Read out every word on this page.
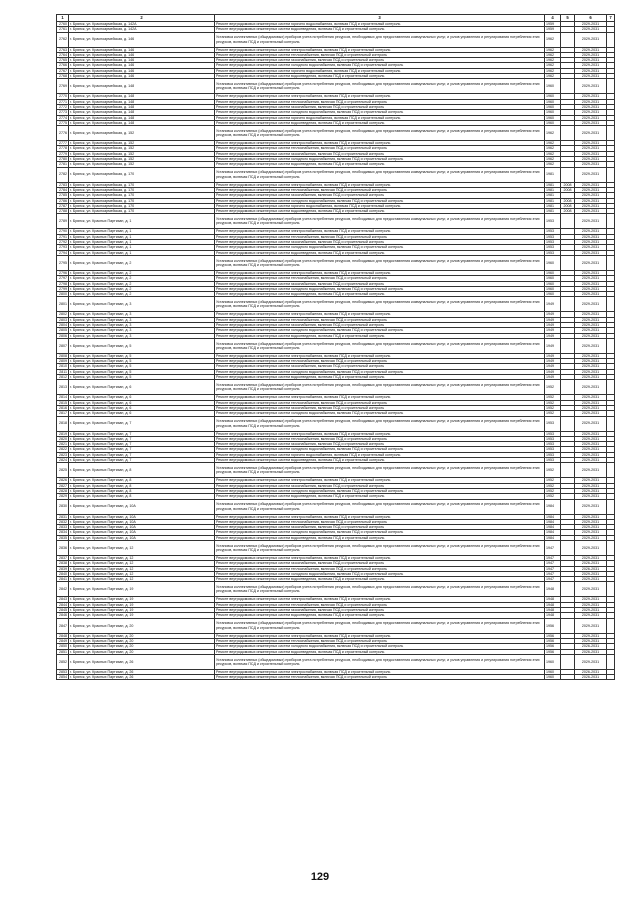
1	2	3	4	5	6	7
2760	г. Брянск, ул. Красноармейская, д. 142А	Ремонт внутридомовых инженерных систем горячего водоснабжения, включая ПСД и строительный контроль	1959		2029-2031	
2761	г. Брянск, ул. Красноармейская, д. 142А	Ремонт внутридомовых инженерных систем водоотведения, включая ПСД и строительный контроль	1959		2029-2031	
2762	г. Брянск, ул. Красноармейская, д. 146	Установка коллективных (общедомовых) приборов учета потребления ресурсов, необходимых для предоставления коммунальных услуг, и узлов управления и регулирования потребления этих ресурсов, включая ПСД и строительный контроль	1962		2029-2031	
2763	г. Брянск, ул. Красноармейская, д. 146	Ремонт внутридомовых инженерных систем электроснабжения, включая ПСД и строительный контроль	1962		2029-2031	
2764	г. Брянск, ул. Красноармейская, д. 146	Ремонт внутридомовых инженерных систем теплоснабжения, включая ПСД и строительный контроль	1962		2029-2031	
2765	г. Брянск, ул. Красноармейская, д. 146	Ремонт внутридомовых инженерных систем газоснабжения, включая ПСД и строительный контроль	1962		2029-2031	
2766	г. Брянск, ул. Красноармейская, д. 146	Ремонт внутридомовых инженерных систем холодного водоснабжения, включая ПСД и строительный контроль	1962		2029-2031	
2767	г. Брянск, ул. Красноармейская, д. 146	Ремонт внутридомовых инженерных систем горячего водоснабжения, включая ПСД и строительный контроль	1962		2029-2031	
2768	г. Брянск, ул. Красноармейская, д. 146	Ремонт внутридомовых инженерных систем водоотведения, включая ПСД и строительный контроль	1962		2029-2031	
2769	г. Брянск, ул. Красноармейская, д. 148	Установка коллективных (общедомовых) приборов учета потребления ресурсов, необходимых для предоставления коммунальных услуг, и узлов управления и регулирования потребления этих ресурсов, включая ПСД и строительный контроль	1960		2029-2031	
2770	г. Брянск, ул. Красноармейская, д. 148	Ремонт внутридомовых инженерных систем электроснабжения, включая ПСД и строительный контроль	1960		2029-2031	
2771	г. Брянск, ул. Красноармейская, д. 148	Ремонт внутридомовых инженерных систем теплоснабжения, включая ПСД и строительный контроль	1960		2029-2031	
2772	г. Брянск, ул. Красноармейская, д. 148	Ремонт внутридомовых инженерных систем газоснабжения, включая ПСД и строительный контроль	1960		2029-2031	
2773	г. Брянск, ул. Красноармейская, д. 148	Ремонт внутридомовых инженерных систем холодного водоснабжения, включая ПСД и строительный контроль	1960		2029-2031	
2774	г. Брянск, ул. Красноармейская, д. 148	Ремонт внутридомовых инженерных систем горячего водоснабжения, включая ПСД и строительный контроль	1960		2029-2031	
2775	г. Брянск, ул. Красноармейская, д. 148	Ремонт внутридомовых инженерных систем водоотведения, включая ПСД и строительный контроль	1960		2029-2031	
2776	г. Брянск, ул. Красноармейская, д. 152	Установка коллективных (общедомовых) приборов учета потребления ресурсов, необходимых для предоставления коммунальных услуг, и узлов управления и регулирования потребления этих ресурсов, включая ПСД и строительный контроль	1962		2029-2031	
2777	г. Брянск, ул. Красноармейская, д. 152	Ремонт внутридомовых инженерных систем электроснабжения, включая ПСД и строительный контроль	1962		2029-2031	
2778	г. Брянск, ул. Красноармейская, д. 152	Ремонт внутридомовых инженерных систем теплоснабжения, включая ПСД и строительный контроль	1962		2029-2031	
2779	г. Брянск, ул. Красноармейская, д. 152	Ремонт внутридомовых инженерных систем газоснабжения, включая ПСД и строительный контроль	1962		2029-2031	
2780	г. Брянск, ул. Красноармейская, д. 152	Ремонт внутридомовых инженерных систем холодного водоснабжения, включая ПСД и строительный контроль	1962		2029-2031	
2781	г. Брянск, ул. Красноармейская, д. 152	Ремонт внутридомовых инженерных систем водоотведения, включая ПСД и строительный контроль	1962		2029-2031	
2782	г. Брянск, ул. Красноармейская, д. 170	Установка коллективных (общедомовых) приборов учета потребления ресурсов, необходимых для предоставления коммунальных услуг, и узлов управления и регулирования потребления этих ресурсов, включая ПСД и строительный контроль	1981		2029-2031	
2783	г. Брянск, ул. Красноармейская, д. 170	Ремонт внутридомовых инженерных систем электроснабжения, включая ПСД и строительный контроль	1981	2008	2029-2031	
2784	г. Брянск, ул. Красноармейская, д. 170	Ремонт внутридомовых инженерных систем теплоснабжения, включая ПСД и строительный контроль	1981	2008	2029-2031	
2785	г. Брянск, ул. Красноармейская, д. 170	Ремонт внутридомовых инженерных систем газоснабжения, включая ПСД и строительный контроль	1981		2029-2031	
2786	г. Брянск, ул. Красноармейская, д. 170	Ремонт внутридомовых инженерных систем холодного водоснабжения, включая ПСД и строительный контроль	1981	2008	2029-2031	
2787	г. Брянск, ул. Красноармейская, д. 170	Ремонт внутридомовых инженерных систем горячего водоснабжения, включая ПСД и строительный контроль	1981	2008	2029-2031	
2788	г. Брянск, ул. Красноармейская, д. 170	Ремонт внутридомовых инженерных систем водоотведения, включая ПСД и строительный контроль	1981	2008	2029-2031	
2789	г. Брянск, ул. Красных Партизан, д. 1	Установка коллективных (общедомовых) приборов учета потребления ресурсов, необходимых для предоставления коммунальных услуг, и узлов управления и регулирования потребления этих ресурсов, включая ПСД и строительный контроль	1953		2029-2031	
2790	г. Брянск, ул. Красных Партизан, д. 1	Ремонт внутридомовых инженерных систем электроснабжения, включая ПСД и строительный контроль	1953		2029-2031	
2791	г. Брянск, ул. Красных Партизан, д. 1	Ремонт внутридомовых инженерных систем теплоснабжения, включая ПСД и строительный контроль	1953		2029-2031	
2792	г. Брянск, ул. Красных Партизан, д. 1	Ремонт внутридомовых инженерных систем газоснабжения, включая ПСД и строительный контроль	1953		2029-2031	
2793	г. Брянск, ул. Красных Партизан, д. 1	Ремонт внутридомовых инженерных систем холодного водоснабжения, включая ПСД и строительный контроль	1953		2029-2031	
2794	г. Брянск, ул. Красных Партизан, д. 1	Ремонт внутридомовых инженерных систем водоотведения, включая ПСД и строительный контроль	1953		2029-2031	
2795	г. Брянск, ул. Красных Партизан, д. 2	Установка коллективных (общедомовых) приборов учета потребления ресурсов, необходимых для предоставления коммунальных услуг, и узлов управления и регулирования потребления этих ресурсов, включая ПСД и строительный контроль	1960		2029-2031	
2796	г. Брянск, ул. Красных Партизан, д. 2	Ремонт внутридомовых инженерных систем электроснабжения, включая ПСД и строительный контроль	1960		2029-2031	
2797	г. Брянск, ул. Красных Партизан, д. 2	Ремонт внутридомовых инженерных систем теплоснабжения, включая ПСД и строительный контроль	1960		2029-2031	
2798	г. Брянск, ул. Красных Партизан, д. 2	Ремонт внутридомовых инженерных систем газоснабжения, включая ПСД и строительный контроль	1960		2029-2031	
2799	г. Брянск, ул. Красных Партизан, д. 2	Ремонт внутридомовых инженерных систем холодного водоснабжения, включая ПСД и строительный контроль	1960		2029-2031	
2800	г. Брянск, ул. Красных Партизан, д. 2	Ремонт внутридомовых инженерных систем водоотведения, включая ПСД и строительный контроль	1960		2029-2031	
2801	г. Брянск, ул. Красных Партизан, д. 3	Установка коллективных (общедомовых) приборов учета потребления ресурсов, необходимых для предоставления коммунальных услуг, и узлов управления и регулирования потребления этих ресурсов, включая ПСД и строительный контроль	1949		2029-2031	
2802	г. Брянск, ул. Красных Партизан, д. 3	Ремонт внутридомовых инженерных систем электроснабжения, включая ПСД и строительный контроль	1949		2029-2031	
2803	г. Брянск, ул. Красных Партизан, д. 3	Ремонт внутридомовых инженерных систем теплоснабжения, включая ПСД и строительный контроль	1949		2029-2031	
2804	г. Брянск, ул. Красных Партизан, д. 3	Ремонт внутридомовых инженерных систем газоснабжения, включая ПСД и строительный контроль	1949		2029-2031	
2805	г. Брянск, ул. Красных Партизан, д. 3	Ремонт внутридомовых инженерных систем холодного водоснабжения, включая ПСД и строительный контроль	1949		2029-2031	
2806	г. Брянск, ул. Красных Партизан, д. 3	Ремонт внутридомовых инженерных систем водоотведения, включая ПСД и строительный контроль	1949		2029-2031	
2807	г. Брянск, ул. Красных Партизан, д. 5	Установка коллективных (общедомовых) приборов учета потребления ресурсов, необходимых для предоставления коммунальных услуг, и узлов управления и регулирования потребления этих ресурсов, включая ПСД и строительный контроль	1949		2029-2031	
2808	г. Брянск, ул. Красных Партизан, д. 5	Ремонт внутридомовых инженерных систем электроснабжения, включая ПСД и строительный контроль	1949		2029-2031	
2809	г. Брянск, ул. Красных Партизан, д. 5	Ремонт внутридомовых инженерных систем теплоснабжения, включая ПСД и строительный контроль	1949		2029-2031	
2810	г. Брянск, ул. Красных Партизан, д. 5	Ремонт внутридомовых инженерных систем газоснабжения, включая ПСД и строительный контроль	1949		2029-2031	
2811	г. Брянск, ул. Красных Партизан, д. 5	Ремонт внутридомовых инженерных систем холодного водоснабжения, включая ПСД и строительный контроль	1949		2029-2031	
2812	г. Брянск, ул. Красных Партизан, д. 5	Ремонт внутридомовых инженерных систем водоотведения, включая ПСД и строительный контроль	1949		2029-2031	
2813	г. Брянск, ул. Красных Партизан, д. 6	Установка коллективных (общедомовых) приборов учета потребления ресурсов, необходимых для предоставления коммунальных услуг, и узлов управления и регулирования потребления этих ресурсов, включая ПСД и строительный контроль	1952		2029-2031	
2814	г. Брянск, ул. Красных Партизан, д. 6	Ремонт внутридомовых инженерных систем электроснабжения, включая ПСД и строительный контроль	1952		2029-2031	
2815	г. Брянск, ул. Красных Партизан, д. 6	Ремонт внутридомовых инженерных систем теплоснабжения, включая ПСД и строительный контроль	1952		2029-2031	
2816	г. Брянск, ул. Красных Партизан, д. 6	Ремонт внутридомовых инженерных систем газоснабжения, включая ПСД и строительный контроль	1952		2029-2031	
2817	г. Брянск, ул. Красных Партизан, д. 6	Ремонт внутридомовых инженерных систем холодного водоснабжения, включая ПСД и строительный контроль	1952		2029-2031	
2818	г. Брянск, ул. Красных Партизан, д. 7	Установка коллективных (общедомовых) приборов учета потребления ресурсов, необходимых для предоставления коммунальных услуг, и узлов управления и регулирования потребления этих ресурсов, включая ПСД и строительный контроль	1953		2029-2031	
2819	г. Брянск, ул. Красных Партизан, д. 7	Ремонт внутридомовых инженерных систем электроснабжения, включая ПСД и строительный контроль	1953		2029-2031	
2820	г. Брянск, ул. Красных Партизан, д. 7	Ремонт внутридомовых инженерных систем теплоснабжения, включая ПСД и строительный контроль	1953		2029-2031	
2821	г. Брянск, ул. Красных Партизан, д. 7	Ремонт внутридомовых инженерных систем газоснабжения, включая ПСД и строительный контроль	1953		2029-2031	
2822	г. Брянск, ул. Красных Партизан, д. 7	Ремонт внутридомовых инженерных систем холодного водоснабжения, включая ПСД и строительный контроль	1953		2029-2031	
2823	г. Брянск, ул. Красных Партизан, д. 7	Ремонт внутридомовых инженерных систем горячего водоснабжения, включая ПСД и строительный контроль	1953		2029-2031	
2824	г. Брянск, ул. Красных Партизан, д. 7	Ремонт внутридомовых инженерных систем водоотведения, включая ПСД и строительный контроль	1953		2029-2031	
2825	г. Брянск, ул. Красных Партизан, д. 8	Установка коллективных (общедомовых) приборов учета потребления ресурсов, необходимых для предоставления коммунальных услуг, и узлов управления и регулирования потребления этих ресурсов, включая ПСД и строительный контроль	1952		2029-2031	
2826	г. Брянск, ул. Красных Партизан, д. 8	Ремонт внутридомовых инженерных систем электроснабжения, включая ПСД и строительный контроль	1952		2029-2031	
2827	г. Брянск, ул. Красных Партизан, д. 8	Ремонт внутридомовых инженерных систем газоснабжения, включая ПСД и строительный контроль	1952		2029-2031	
2828	г. Брянск, ул. Красных Партизан, д. 8	Ремонт внутридомовых инженерных систем холодного водоснабжения, включая ПСД и строительный контроль	1952		2029-2031	
2829	г. Брянск, ул. Красных Партизан, д. 8	Ремонт внутридомовых инженерных систем водоотведения, включая ПСД и строительный контроль	1952		2029-2031	
2830	г. Брянск, ул. Красных Партизан, д. 10А	Установка коллективных (общедомовых) приборов учета потребления ресурсов, необходимых для предоставления коммунальных услуг, и узлов управления и регулирования потребления этих ресурсов, включая ПСД и строительный контроль	1984		2029-2031	
2831	г. Брянск, ул. Красных Партизан, д. 10А	Ремонт внутридомовых инженерных систем электроснабжения, включая ПСД и строительный контроль	1984		2029-2031	
2832	г. Брянск, ул. Красных Партизан, д. 10А	Ремонт внутридомовых инженерных систем теплоснабжения, включая ПСД и строительный контроль	1984		2029-2031	
2833	г. Брянск, ул. Красных Партизан, д. 10А	Ремонт внутридомовых инженерных систем газоснабжения, включая ПСД и строительный контроль	1984		2029-2031	
2834	г. Брянск, ул. Красных Партизан, д. 10А	Ремонт внутридомовых инженерных систем холодного водоснабжения, включая ПСД и строительный контроль	1984		2029-2031	
2835	г. Брянск, ул. Красных Партизан, д. 10А	Ремонт внутридомовых инженерных систем водоотведения, включая ПСД и строительный контроль	1984		2029-2031	
2836	г. Брянск, ул. Красных Партизан, д. 12	Установка коллективных (общедомовых) приборов учета потребления ресурсов, необходимых для предоставления коммунальных услуг, и узлов управления и регулирования потребления этих ресурсов, включая ПСД и строительный контроль	1947		2029-2031	
2837	г. Брянск, ул. Красных Партизан, д. 12	Ремонт внутридомовых инженерных систем электроснабжения, включая ПСД и строительный контроль	1947		2029-2031	
2838	г. Брянск, ул. Красных Партизан, д. 12	Ремонт внутридомовых инженерных систем газоснабжения, включая ПСД и строительный контроль	1947		2026-2031	
2839	г. Брянск, ул. Красных Партизан, д. 12	Ремонт внутридомовых инженерных систем теплоснабжения, включая ПСД и строительный контроль	1947		2026-2031	
2840	г. Брянск, ул. Красных Партизан, д. 12	Ремонт внутридомовых инженерных систем холодного водоснабжения, включая ПСД и строительный контроль	1947		2029-2031	
2841	г. Брянск, ул. Красных Партизан, д. 12	Ремонт внутридомовых инженерных систем водоотведения, включая ПСД и строительный контроль	1947		2029-2031	
2842	г. Брянск, ул. Красных Партизан, д. 19	Установка коллективных (общедомовых) приборов учета потребления ресурсов, необходимых для предоставления коммунальных услуг, и узлов управления и регулирования потребления этих ресурсов, включая ПСД и строительный контроль	1948		2029-2031	
2843	г. Брянск, ул. Красных Партизан, д. 19	Ремонт внутридомовых инженерных систем электроснабжения, включая ПСД и строительный контроль	1948		2029-2031	
2844	г. Брянск, ул. Красных Партизан, д. 19	Ремонт внутридомовых инженерных систем теплоснабжения, включая ПСД и строительный контроль	1948		2029-2031	
2845	г. Брянск, ул. Красных Партизан, д. 19	Ремонт внутридомовых инженерных систем газоснабжения, включая ПСД и строительный контроль	1948		2029-2031	
2846	г. Брянск, ул. Красных Партизан, д. 19	Ремонт внутридомовых инженерных систем водоотведения, включая ПСД и строительный контроль	1948		2029-2031	
2847	г. Брянск, ул. Красных Партизан, д. 20	Установка коллективных (общедомовых) приборов учета потребления ресурсов, необходимых для предоставления коммунальных услуг, и узлов управления и регулирования потребления этих ресурсов, включая ПСД и строительный контроль	1956		2029-2031	
2848	г. Брянск, ул. Красных Партизан, д. 20	Ремонт внутридомовых инженерных систем электроснабжения, включая ПСД и строительный контроль	1956		2029-2031	
2849	г. Брянск, ул. Красных Партизан, д. 20	Ремонт внутридомовых инженерных систем теплоснабжения, включая ПСД и строительный контроль	1956		2029-2031	
2850	г. Брянск, ул. Красных Партизан, д. 20	Ремонт внутридомовых инженерных систем холодного водоснабжения, включая ПСД и строительный контроль	1956		2026-2031	
2851	г. Брянск, ул. Красных Партизан, д. 20	Ремонт внутридомовых инженерных систем водоотведения, включая ПСД и строительный контроль	1956		2026-2031	
2852	г. Брянск, ул. Красных Партизан, д. 26	Установка коллективных (общедомовых) приборов учета потребления ресурсов, необходимых для предоставления коммунальных услуг, и узлов управления и регулирования потребления этих ресурсов, включая ПСД и строительный контроль	1960		2029-2031	
2853	г. Брянск, ул. Красных Партизан, д. 26	Ремонт внутридомовых инженерных систем электроснабжения, включая ПСД и строительный контроль	1960		2026-2031	
2854	г. Брянск, ул. Красных Партизан, д. 26	Ремонт внутридомовых инженерных систем теплоснабжения, включая ПСД и строительный контроль	1960		2026-2031	
129
